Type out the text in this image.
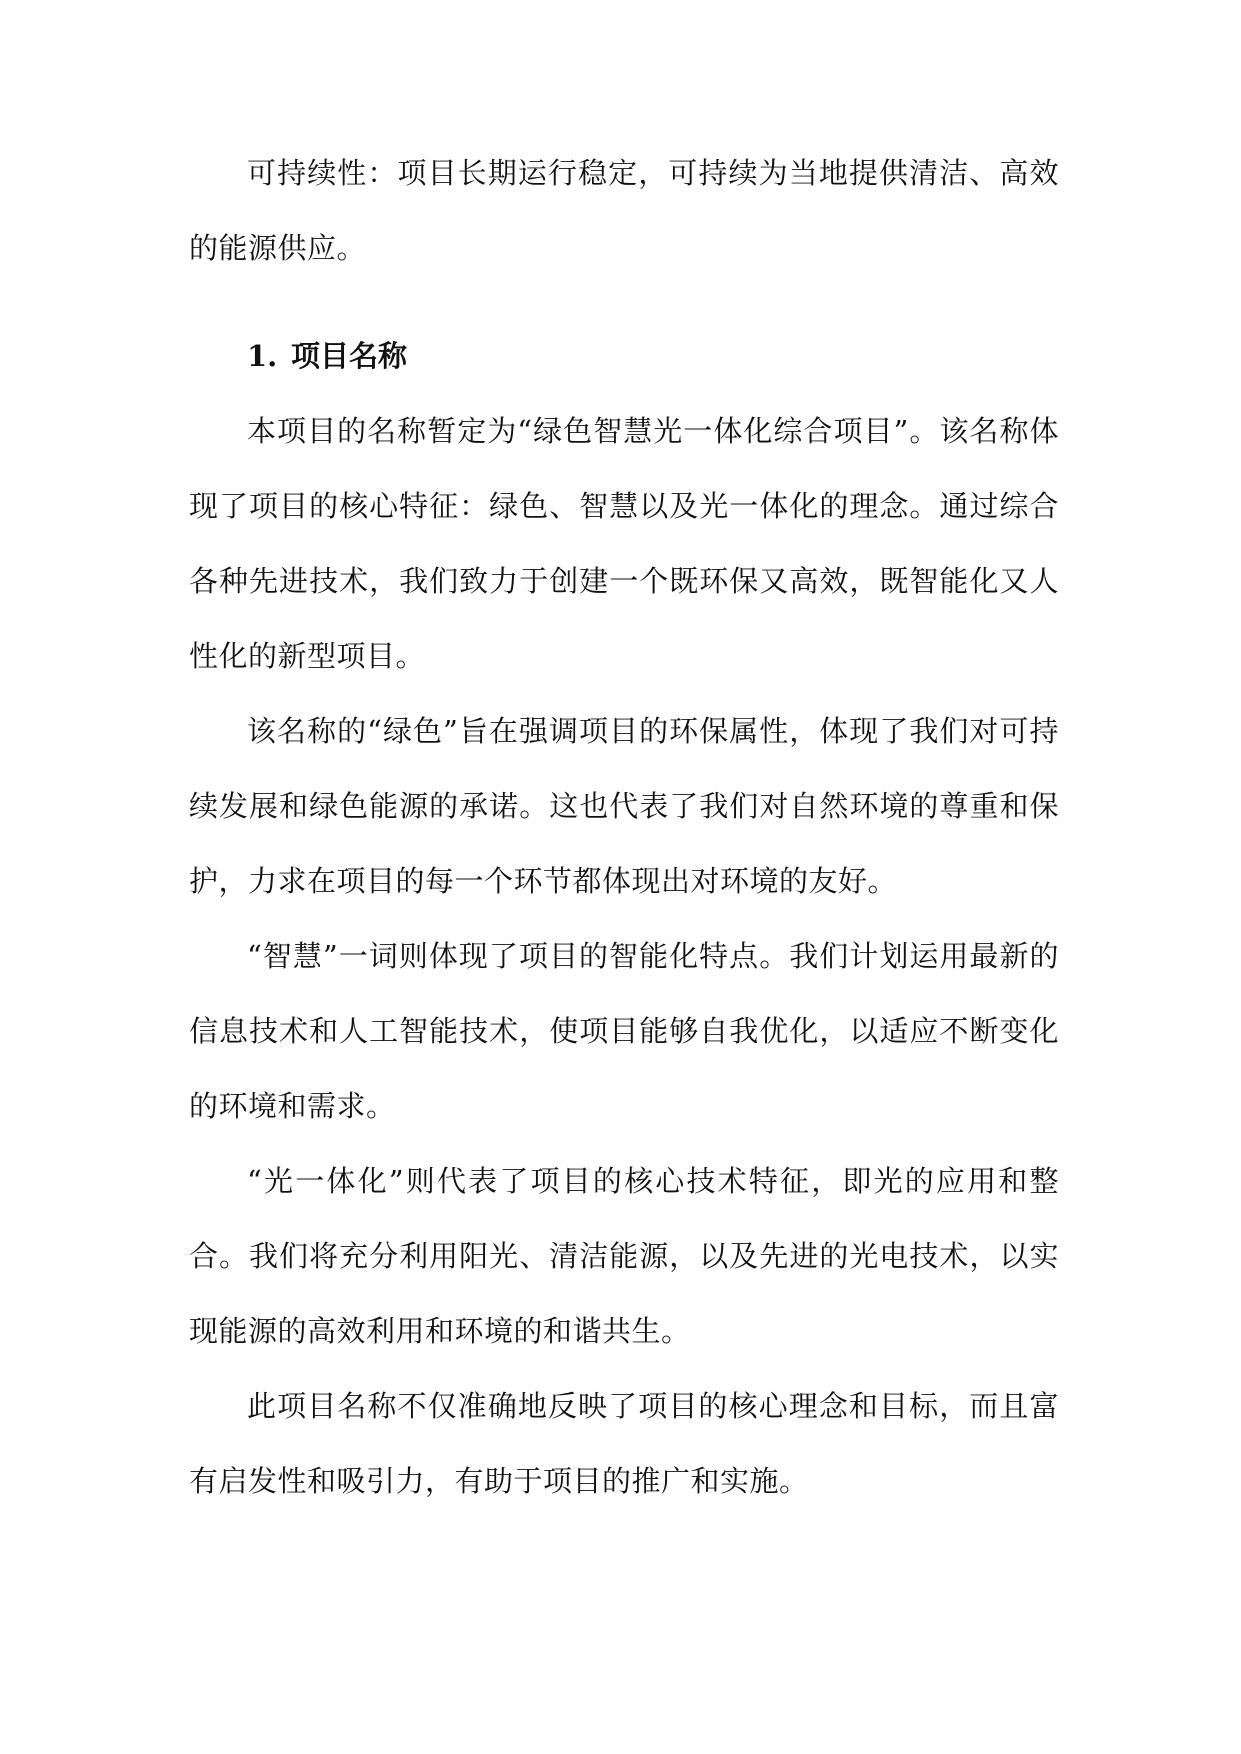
可持续性：项目长期运行稳定，可持续为当地提供清洁、高效的能源供应。

1. 项目名称

本项目的名称暂定为“绿色智慧光一体化综合项目”。该名称体现了项目的核心特征：绿色、智慧以及光一体化的理念。通过综合各种先进技术，我们致力于创建一个既环保又高效，既智能化又人性化的新型项目。

该名称的“绿色”旨在强调项目的环保属性，体现了我们对可持续发展和绿色能源的承诺。这也代表了我们对自然环境的尊重和保护，力求在项目的每一个环节都体现出对环境的友好。

“智慧”一词则体现了项目的智能化特点。我们计划运用最新的信息技术和人工智能技术，使项目能够自我优化，以适应不断变化的环境和需求。

“光一体化”则代表了项目的核心技术特征，即光的应用和整合。我们将充分利用阳光、清洁能源，以及先进的光电技术，以实现能源的高效利用和环境的和谐共生。

此项目名称不仅准确地反映了项目的核心理念和目标，而且富有启发性和吸引力，有助于项目的推广和实施。
